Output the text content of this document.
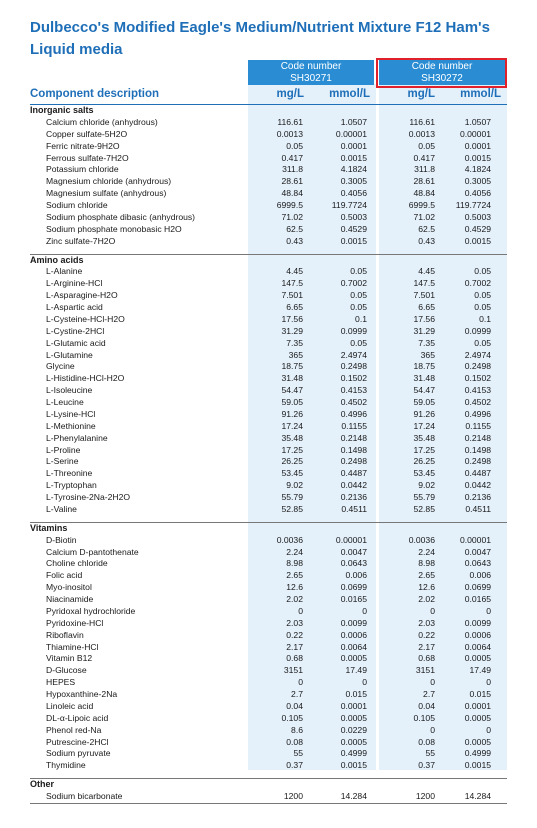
Dulbecco's Modified Eagle's Medium/Nutrient Mixture F12 Ham's Liquid media
Code number
SH30271
Code number
SH30272
Component description	mg/L	mmol/L	mg/L	mmol/L
Inorganic salts				
Calcium chloride (anhydrous)	116.61	1.0507	116.61	1.0507
Copper sulfate-5H2O	0.0013	0.00001	0.0013	0.00001
Ferric nitrate-9H2O	0.05	0.0001	0.05	0.0001
Ferrous sulfate-7H2O	0.417	0.0015	0.417	0.0015
Potassium chloride	311.8	4.1824	311.8	4.1824
Magnesium chloride (anhydrous)	28.61	0.3005	28.61	0.3005
Magnesium sulfate (anhydrous)	48.84	0.4056	48.84	0.4056
Sodium chloride	6999.5	119.7724	6999.5	119.7724
Sodium phosphate dibasic (anhydrous)	71.02	0.5003	71.02	0.5003
Sodium phosphate monobasic H2O	62.5	0.4529	62.5	0.4529
Zinc sulfate-7H2O	0.43	0.0015	0.43	0.0015

Amino acids				
L-Alanine	4.45	0.05	4.45	0.05
L-Arginine-HCl	147.5	0.7002	147.5	0.7002
L-Asparagine-H2O	7.501	0.05	7.501	0.05
L-Aspartic acid	6.65	0.05	6.65	0.05
L-Cysteine-HCl-H2O	17.56	0.1	17.56	0.1
L-Cystine-2HCl	31.29	0.0999	31.29	0.0999
L-Glutamic acid	7.35	0.05	7.35	0.05
L-Glutamine	365	2.4974	365	2.4974
Glycine	18.75	0.2498	18.75	0.2498
L-Histidine-HCl-H2O	31.48	0.1502	31.48	0.1502
L-Isoleucine	54.47	0.4153	54.47	0.4153
L-Leucine	59.05	0.4502	59.05	0.4502
L-Lysine-HCl	91.26	0.4996	91.26	0.4996
L-Methionine	17.24	0.1155	17.24	0.1155
L-Phenylalanine	35.48	0.2148	35.48	0.2148
L-Proline	17.25	0.1498	17.25	0.1498
L-Serine	26.25	0.2498	26.25	0.2498
L-Threonine	53.45	0.4487	53.45	0.4487
L-Tryptophan	9.02	0.0442	9.02	0.0442
L-Tyrosine-2Na-2H2O	55.79	0.2136	55.79	0.2136
L-Valine	52.85	0.4511	52.85	0.4511

Vitamins				
D-Biotin	0.0036	0.00001	0.0036	0.00001
Calcium D-pantothenate	2.24	0.0047	2.24	0.0047
Choline chloride	8.98	0.0643	8.98	0.0643
Folic acid	2.65	0.006	2.65	0.006
Myo-inositol	12.6	0.0699	12.6	0.0699
Niacinamide	2.02	0.0165	2.02	0.0165
Pyridoxal hydrochloride	0	0	0	0
Pyridoxine-HCl	2.03	0.0099	2.03	0.0099
Riboflavin	0.22	0.0006	0.22	0.0006
Thiamine-HCl	2.17	0.0064	2.17	0.0064
Vitamin B12	0.68	0.0005	0.68	0.0005
D-Glucose	3151	17.49	3151	17.49
HEPES	0	0	0	0
Hypoxanthine-2Na	2.7	0.015	2.7	0.015
Linoleic acid	0.04	0.0001	0.04	0.0001
DL-α-Lipoic acid	0.105	0.0005	0.105	0.0005
Phenol red-Na	8.6	0.0229	0	0
Putrescine-2HCl	0.08	0.0005	0.08	0.0005
Sodium pyruvate	55	0.4999	55	0.4999
Thymidine	0.37	0.0015	0.37	0.0015

Other				
Sodium bicarbonate	1200	14.284	1200	14.284
